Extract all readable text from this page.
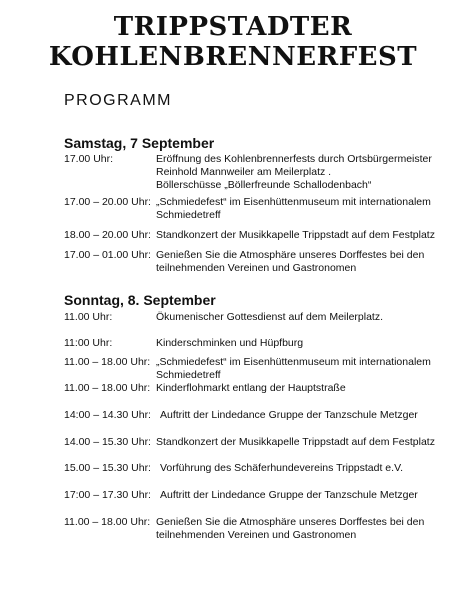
TRIPPSTADTER
KOHLENBRENNERFEST
PROGRAMM
Samstag, 7 September
17.00 Uhr:	Eröffnung des Kohlenbrennerfests durch Ortsbürgermeister
Reinhold Mannweiler am Meilerplatz .
Böllerschüsse „Böllerfreunde Schallodenbach“
17.00 – 20.00 Uhr: „Schmiedefest“ im Eisenhüttenmuseum mit internationalem
Schmiedetreff
18.00 – 20.00 Uhr: Standkonzert der Musikkapelle Trippstadt auf dem Festplatz
17.00 – 01.00 Uhr: Genießen Sie die Atmosphäre unseres Dorffestes bei den
teilnehmenden Vereinen und Gastronomen
Sonntag, 8. September
11.00 Uhr:	Ökumenischer Gottesdienst auf dem Meilerplatz.
11:00 Uhr:	Kinderschminken und Hüpfburg
11.00 – 18.00 Uhr: „Schmiedefest“ im Eisenhüttenmuseum mit internationalem
Schmiedetreff
11.00 – 18.00 Uhr: Kinderflohmarkt entlang der Hauptstraße
14:00 – 14.30 Uhr: Auftritt der Lindedance Gruppe der Tanzschule Metzger
14.00 – 15.30 Uhr: Standkonzert der Musikkapelle Trippstadt auf dem Festplatz
15.00 – 15.30 Uhr: Vorführung des Schäferhundevereins Trippstadt e.V.
17:00 – 17.30 Uhr: Auftritt der Lindedance Gruppe der Tanzschule Metzger
11.00 – 18.00 Uhr: Genießen Sie die Atmosphäre unseres Dorffestes bei den
teilnehmenden Vereinen und Gastronomen
